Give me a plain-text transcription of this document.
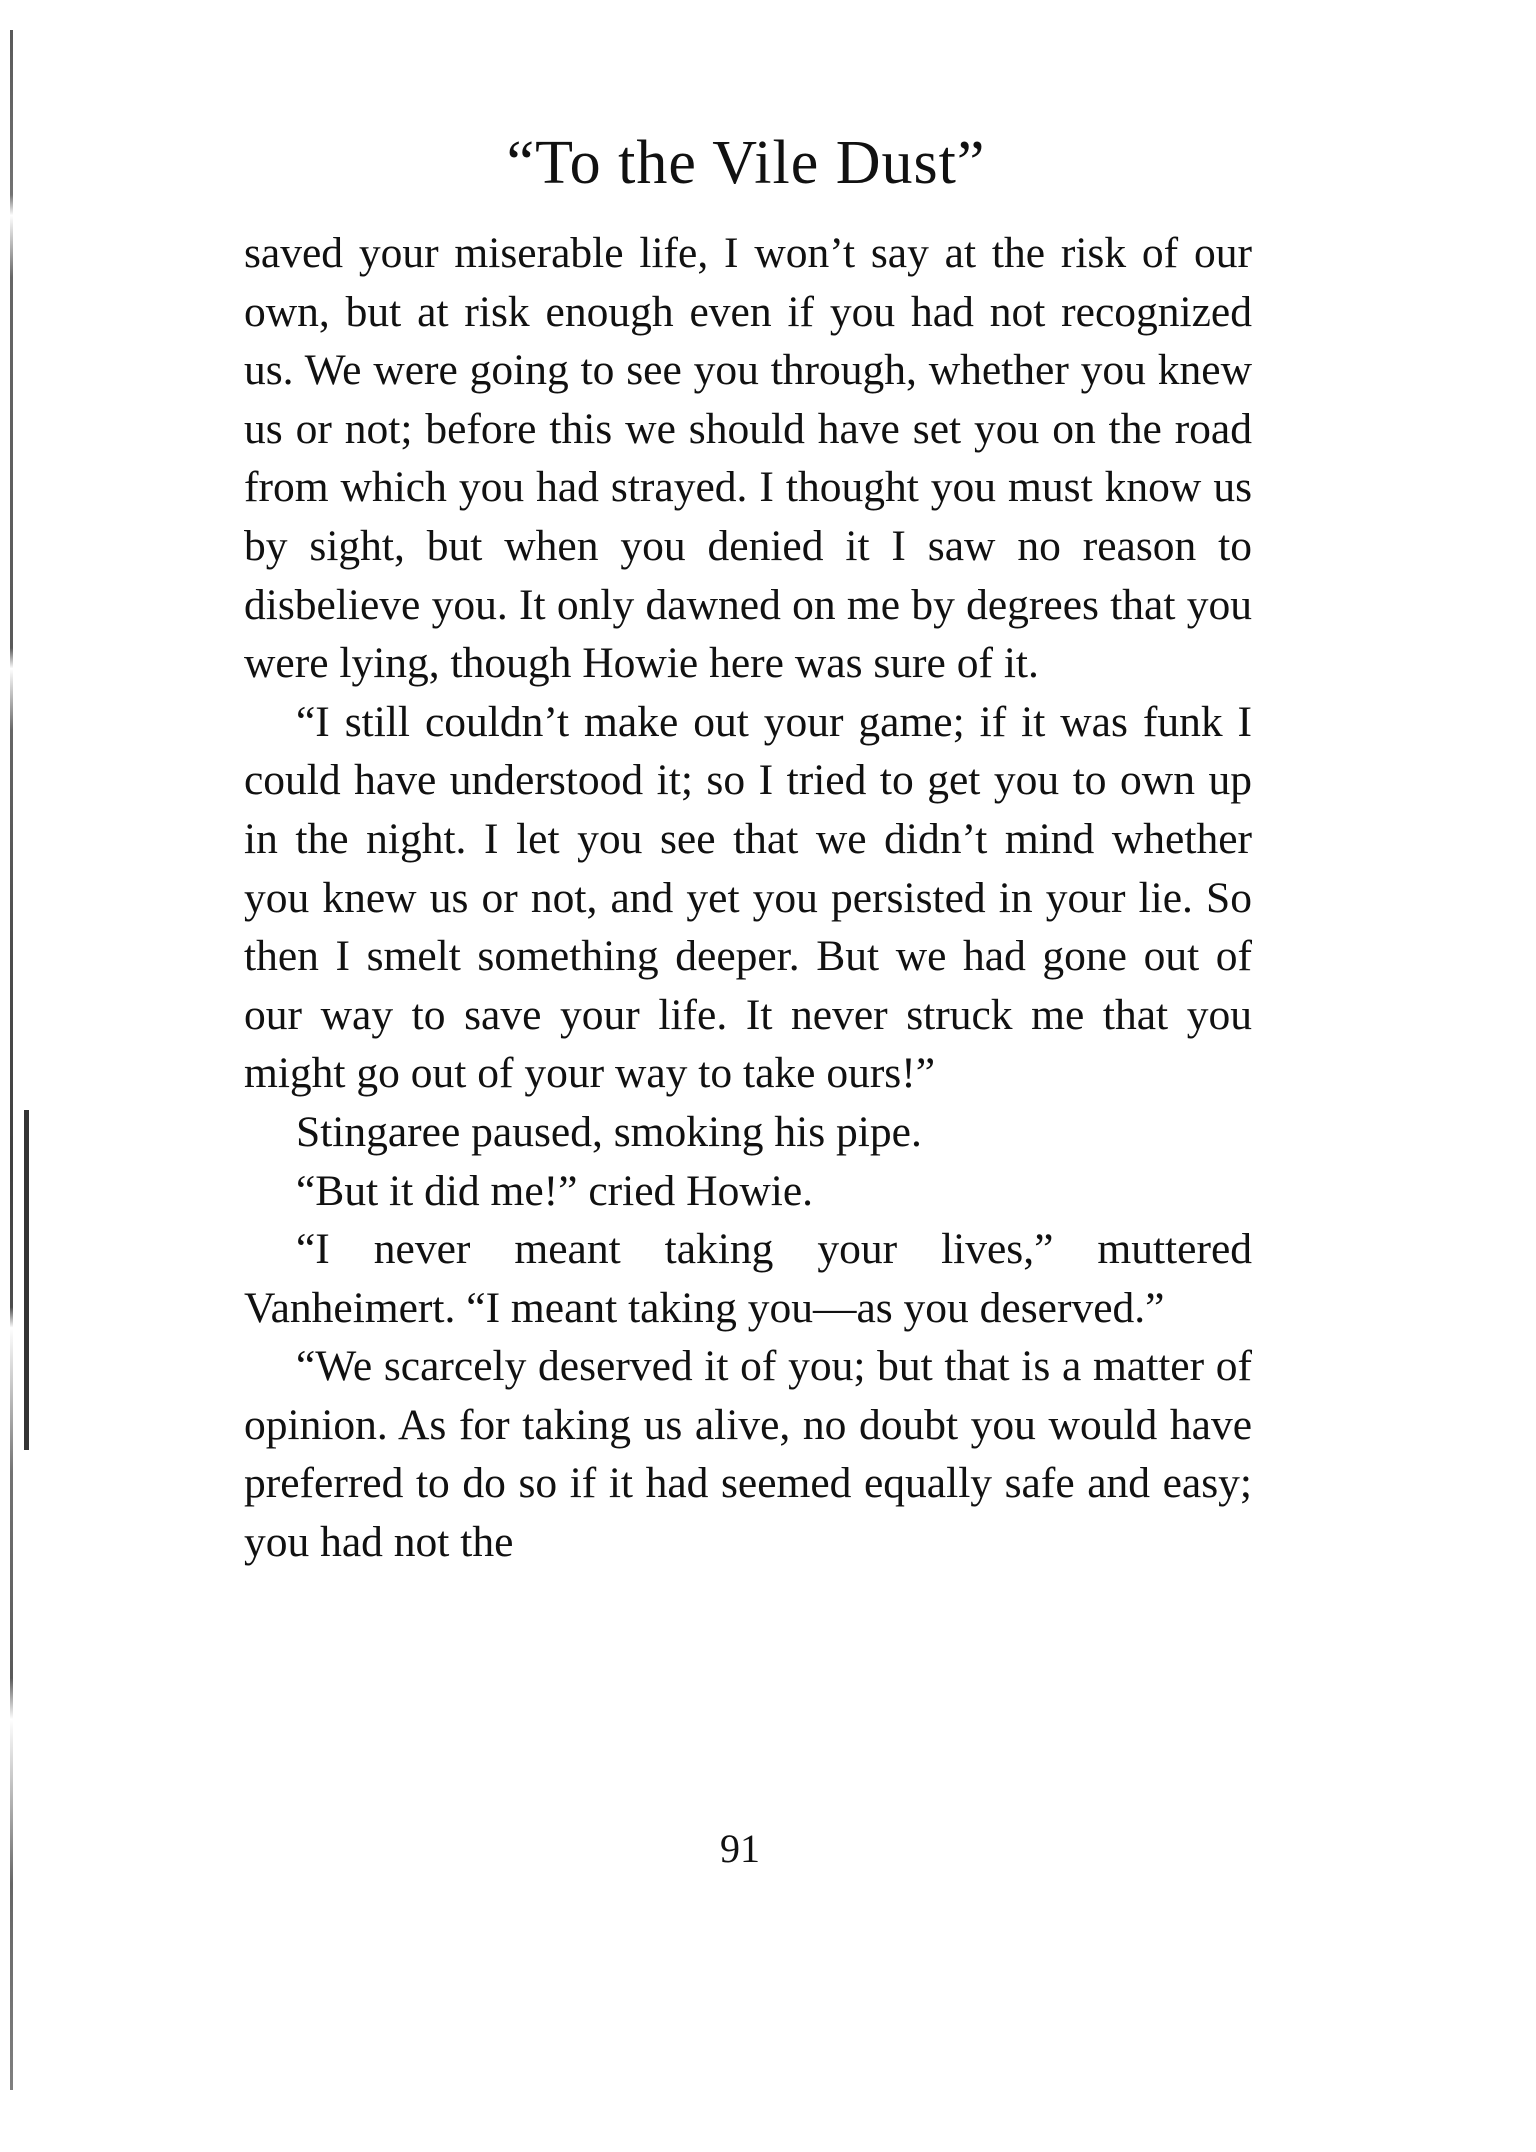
“To the Vile Dust”

saved your miserable life, I won’t say at the risk of our own, but at risk enough even if you had not recognized us. We were going to see you through, whether you knew us or not; before this we should have set you on the road from which you had strayed. I thought you must know us by sight, but when you denied it I saw no reason to disbelieve you. It only dawned on me by degrees that you were lying, though Howie here was sure of it.

“I still couldn’t make out your game; if it was funk I could have understood it; so I tried to get you to own up in the night. I let you see that we didn’t mind whether you knew us or not, and yet you persisted in your lie. So then I smelt something deeper. But we had gone out of our way to save your life. It never struck me that you might go out of your way to take ours!”

Stingaree paused, smoking his pipe.

“But it did me!” cried Howie.

“I never meant taking your lives,” muttered Vanheimert. “I meant taking you—as you deserved.”

“We scarcely deserved it of you; but that is a matter of opinion. As for taking us alive, no doubt you would have preferred to do so if it had seemed equally safe and easy; you had not the

91
